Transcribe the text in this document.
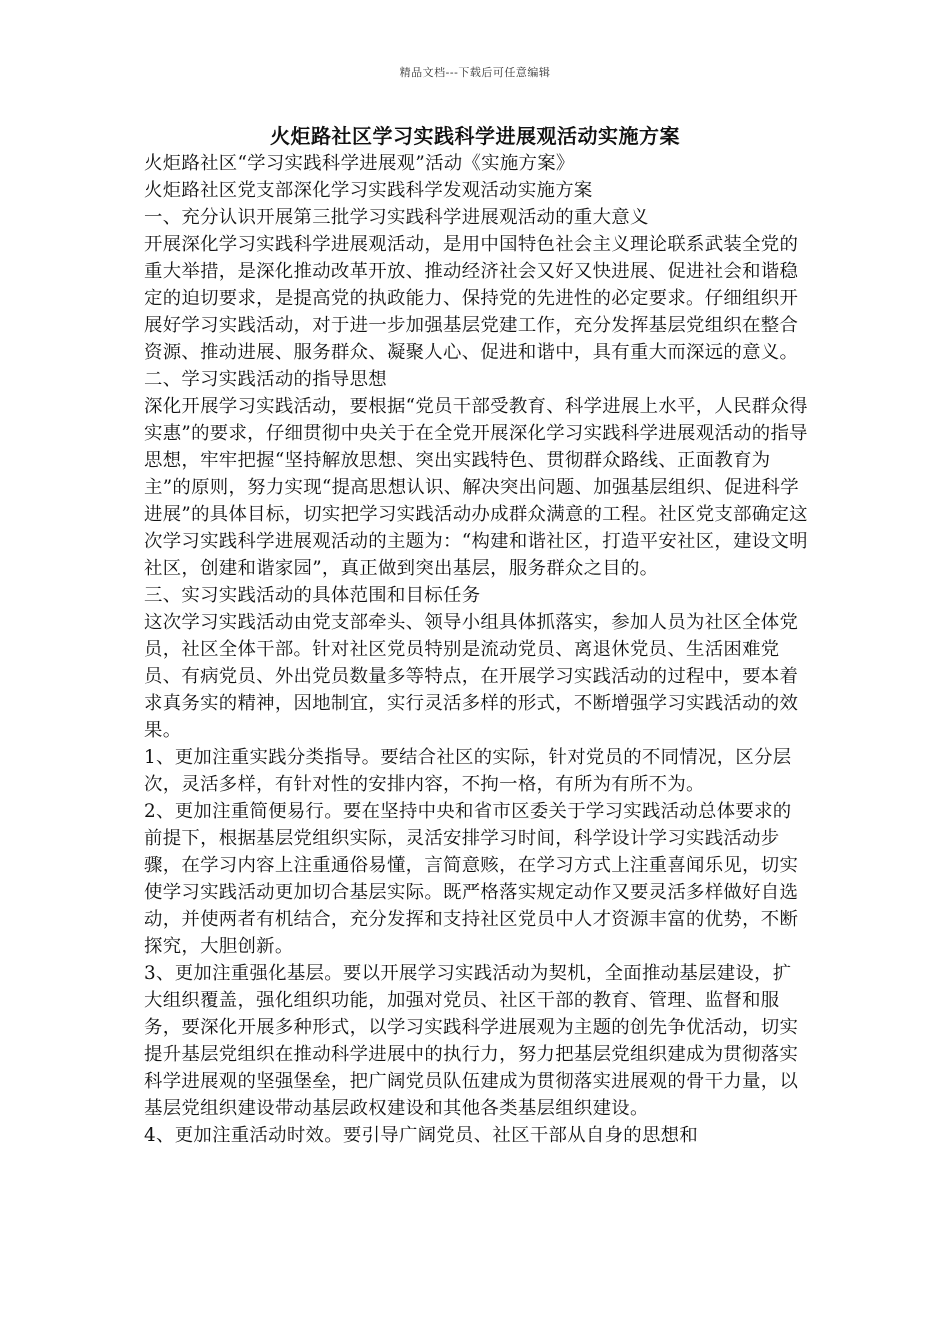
精品文档---下载后可任意编辑
火炬路社区学习实践科学进展观活动实施方案

火炬路社区“学习实践科学进展观”活动《实施方案》

火炬路社区党支部深化学习实践科学发观活动实施方案

一、充分认识开展第三批学习实践科学进展观活动的重大意义

开展深化学习实践科学进展观活动，是用中国特色社会主义理论联系武装全党的重大举措，是深化推动改革开放、推动经济社会又好又快进展、促进社会和谐稳定的迫切要求，是提高党的执政能力、保持党的先进性的必定要求。仔细组织开展好学习实践活动，对于进一步加强基层党建工作，充分发挥基层党组织在整合资源、推动进展、服务群众、凝聚人心、促进和谐中，具有重大而深远的意义。

二、学习实践活动的指导思想

深化开展学习实践活动，要根据“党员干部受教育、科学进展上水平，人民群众得实惠”的要求，仔细贯彻中央关于在全党开展深化学习实践科学进展观活动的指导思想，牢牢把握“坚持解放思想、突出实践特色、贯彻群众路线、正面教育为主”的原则，努力实现“提高思想认识、解决突出问题、加强基层组织、促进科学进展”的具体目标，切实把学习实践活动办成群众满意的工程。社区党支部确定这次学习实践科学进展观活动的主题为：“构建和谐社区，打造平安社区，建设文明社区，创建和谐家园”，真正做到突出基层，服务群众之目的。

三、实习实践活动的具体范围和目标任务

这次学习实践活动由党支部牵头、领导小组具体抓落实，参加人员为社区全体党员，社区全体干部。针对社区党员特别是流动党员、离退休党员、生活困难党员、有病党员、外出党员数量多等特点，在开展学习实践活动的过程中，要本着求真务实的精神，因地制宜，实行灵活多样的形式，不断增强学习实践活动的效果。

1、更加注重实践分类指导。要结合社区的实际，针对党员的不同情况，区分层次，灵活多样，有针对性的安排内容，不拘一格，有所为有所不为。

2、更加注重简便易行。要在坚持中央和省市区委关于学习实践活动总体要求的前提下，根据基层党组织实际，灵活安排学习时间，科学设计学习实践活动步骤，在学习内容上注重通俗易懂，言简意赅，在学习方式上注重喜闻乐见，切实使学习实践活动更加切合基层实际。既严格落实规定动作又要灵活多样做好自选动，并使两者有机结合，充分发挥和支持社区党员中人才资源丰富的优势，不断探究，大胆创新。

3、更加注重强化基层。要以开展学习实践活动为契机，全面推动基层建设，扩大组织覆盖，强化组织功能，加强对党员、社区干部的教育、管理、监督和服务，要深化开展多种形式，以学习实践科学进展观为主题的创先争优活动，切实提升基层党组织在推动科学进展中的执行力，努力把基层党组织建成为贯彻落实科学进展观的坚强堡垒，把广阔党员队伍建成为贯彻落实进展观的骨干力量，以基层党组织建设带动基层政权建设和其他各类基层组织建设。

4、更加注重活动时效。要引导广阔党员、社区干部从自身的思想和
